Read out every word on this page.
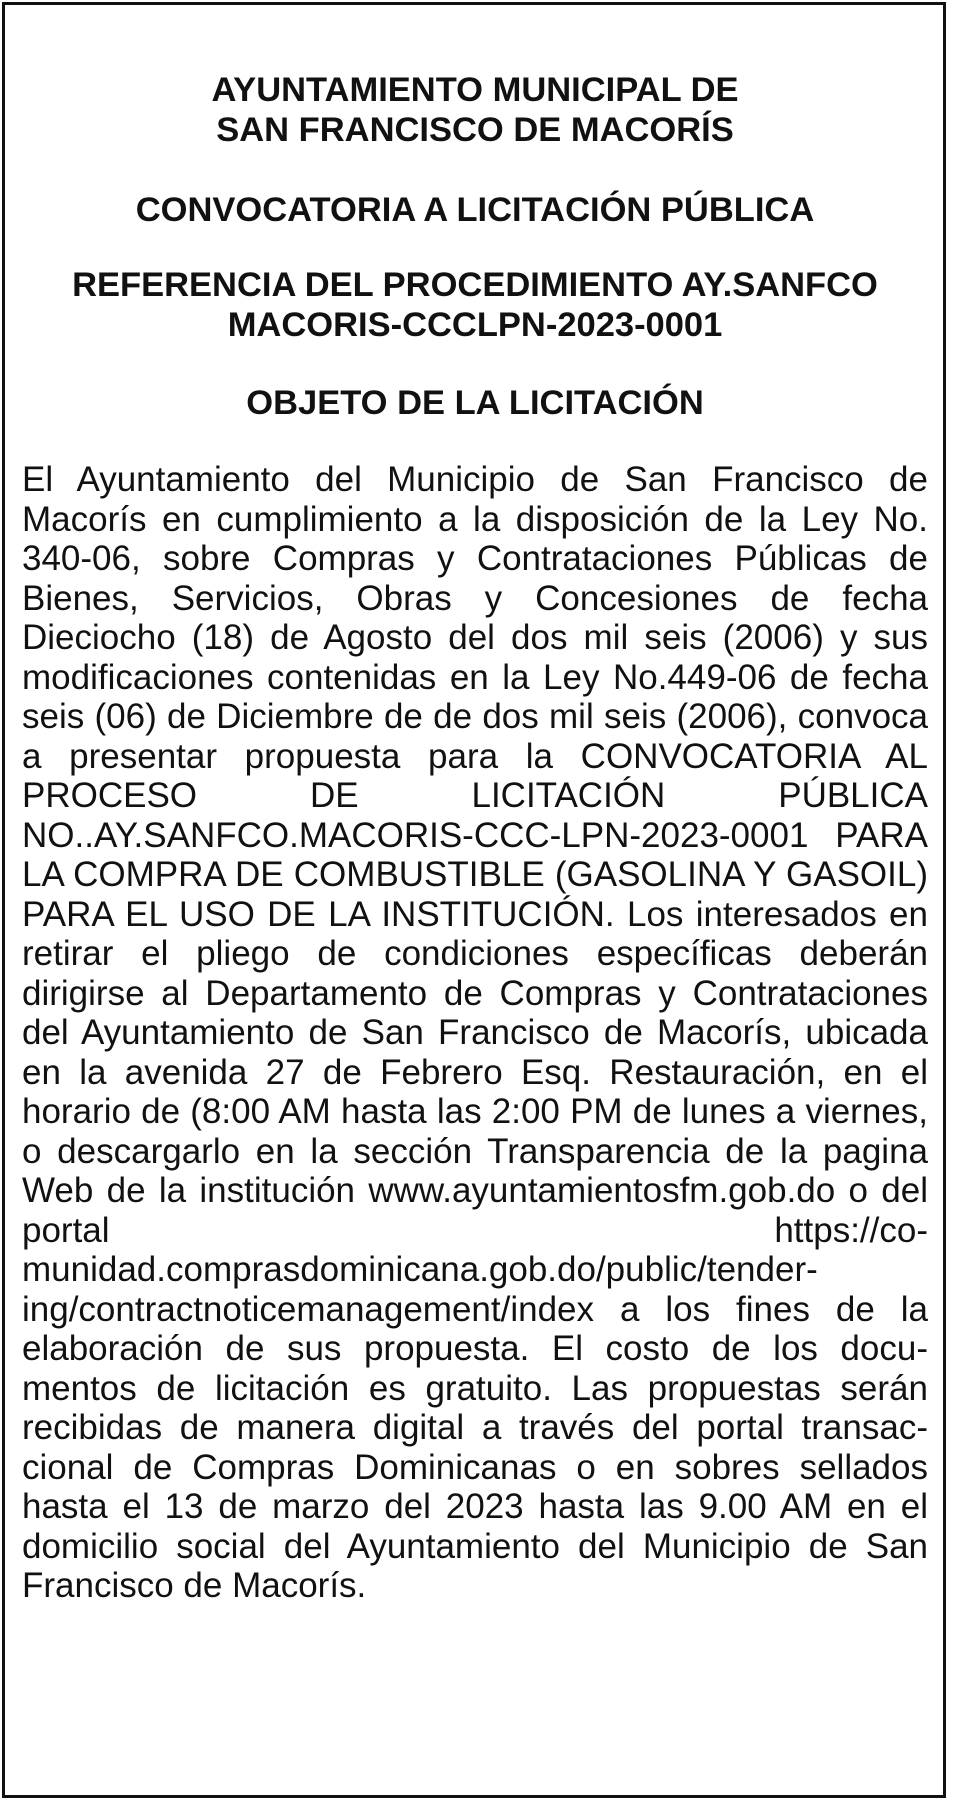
AYUNTAMIENTO MUNICIPAL DE
SAN FRANCISCO DE MACORÍS
CONVOCATORIA A LICITACIÓN PÚBLICA
REFERENCIA DEL PROCEDIMIENTO AY.SANFCO
MACORIS-CCCLPN-2023-0001
OBJETO DE LA LICITACIÓN

El Ayuntamiento del Municipio de San Francisco de Macorís en cumplimiento a la disposición de la Ley No. 340-06, sobre Compras y Contrataciones Públicas de Bienes, Servicios, Obras y Concesiones de fecha Dieciocho (18) de Agosto del dos mil seis (2006) y sus modificaciones contenidas en la Ley No.449-06 de fecha seis (06) de Diciembre de de dos mil seis (2006), convoca a presentar propuesta para la CONVOCATORIA AL PROCESO DE LICITACIÓN PÚBLICA NO..AY.SANFCO.MACORIS-CCC-LPN-2023-0001 PARA LA COMPRA DE COMBUSTIBLE (GASOLINA Y GASOIL) PARA EL USO DE LA INSTITUCIÓN. Los interesados en retirar el pliego de condiciones específicas deberán dirigirse al Departamento de Compras y Contrataciones del Ayuntamiento de San Francisco de Macorís, ubicada en la avenida 27 de Febrero Esq. Restauración, en el horario de (8:00 AM hasta las 2:00 PM de lunes a viernes, o descargarlo en la sección Transparencia de la pagina Web de la institución www.ayuntamientosfm.gob.do o del portal https://comunidad.comprasdominicana.gob.do/public/tendering/contractnoticemanagement/index a los fines de la elaboración de sus propuesta. El costo de los documentos de licitación es gratuito. Las propuestas serán recibidas de manera digital a través del portal transaccional de Compras Dominicanas o en sobres sellados hasta el 13 de marzo del 2023 hasta las 9.00 AM en el domicilio social del Ayuntamiento del Municipio de San Francisco de Macorís.
